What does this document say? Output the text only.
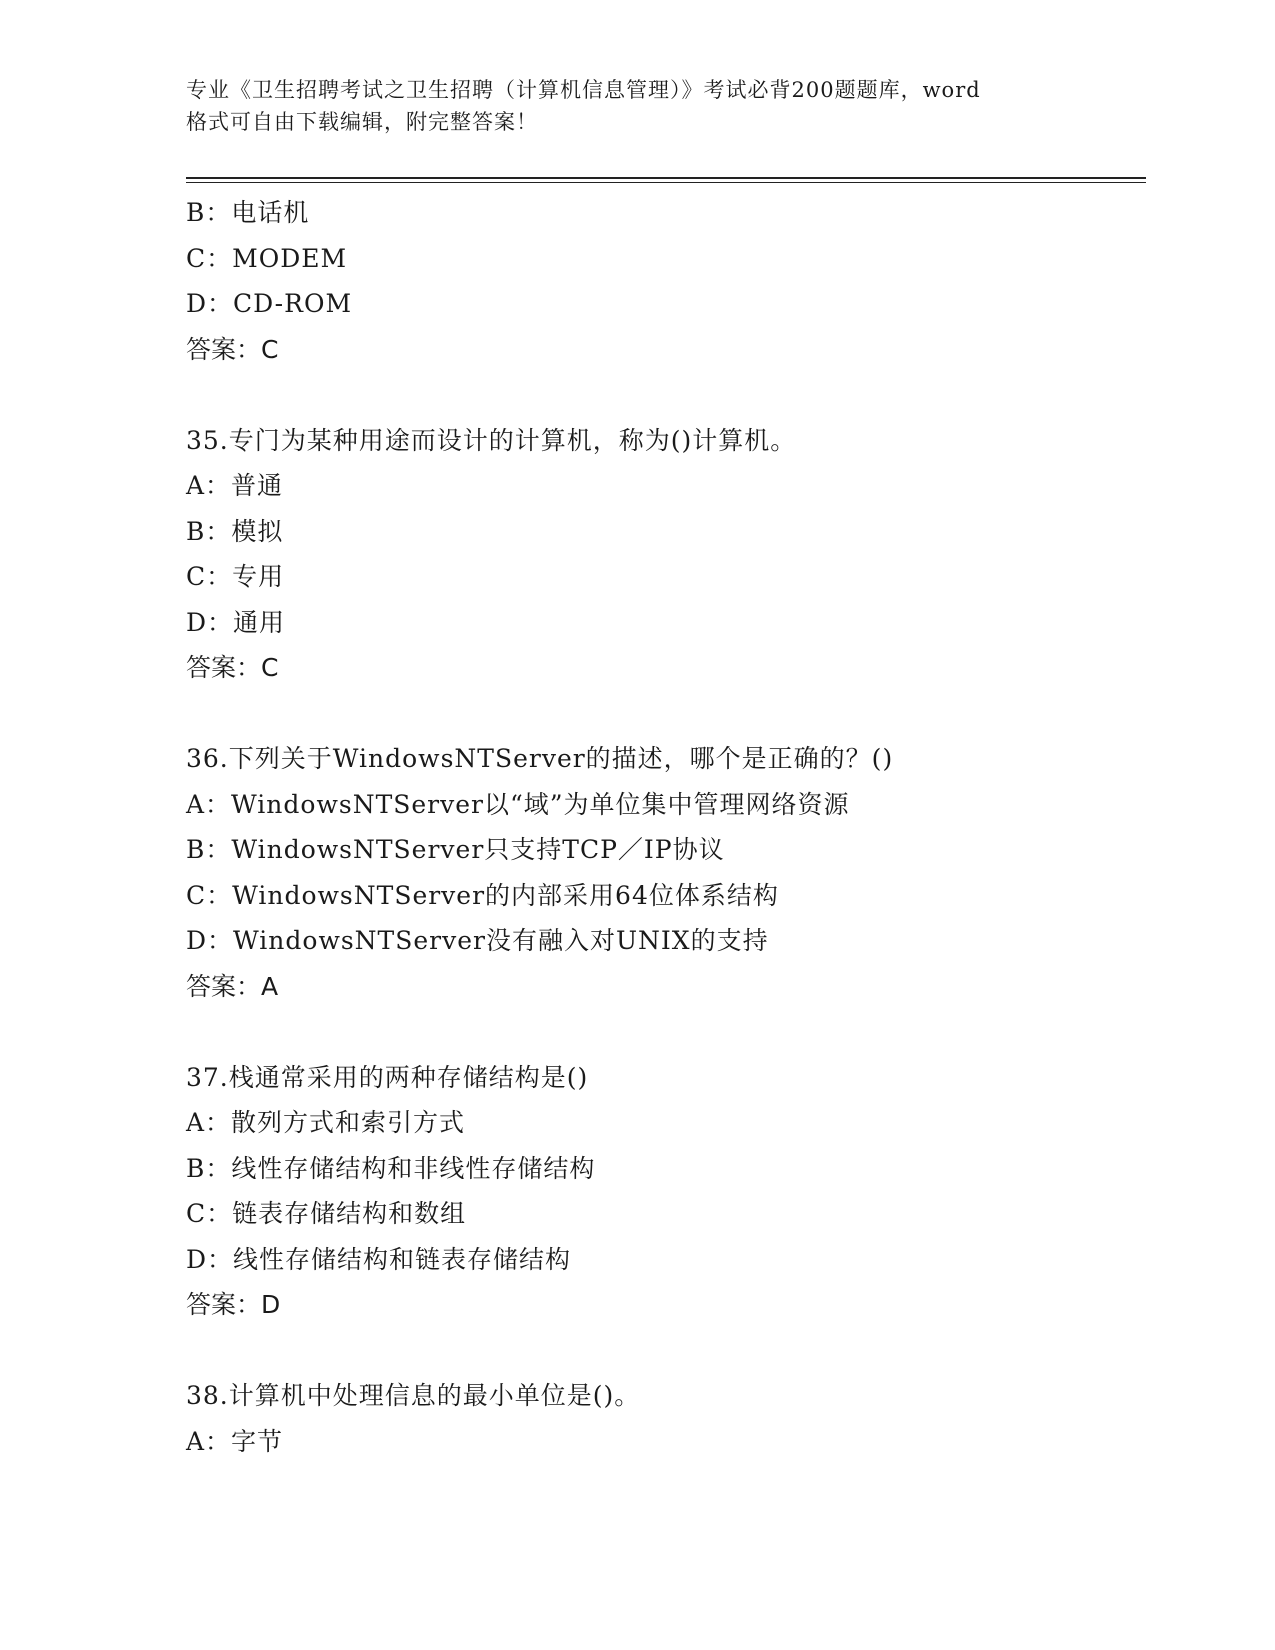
专业《卫生招聘考试之卫生招聘（计算机信息管理）》考试必背200题题库，word
格式可自由下载编辑，附完整答案！
B：电话机
C：MODEM
D：CD-ROM
答案：C
35.专门为某种用途而设计的计算机，称为()计算机。
A：普通
B：模拟
C：专用
D：通用
答案：C
36.下列关于WindowsNTServer的描述，哪个是正确的？()
A：WindowsNTServer以“域”为单位集中管理网络资源
B：WindowsNTServer只支持TCP／IP协议
C：WindowsNTServer的内部采用64位体系结构
D：WindowsNTServer没有融入对UNIX的支持
答案：A
37.栈通常采用的两种存储结构是()
A：散列方式和索引方式
B：线性存储结构和非线性存储结构
C：链表存储结构和数组
D：线性存储结构和链表存储结构
答案：D
38.计算机中处理信息的最小单位是()。
A：字节
